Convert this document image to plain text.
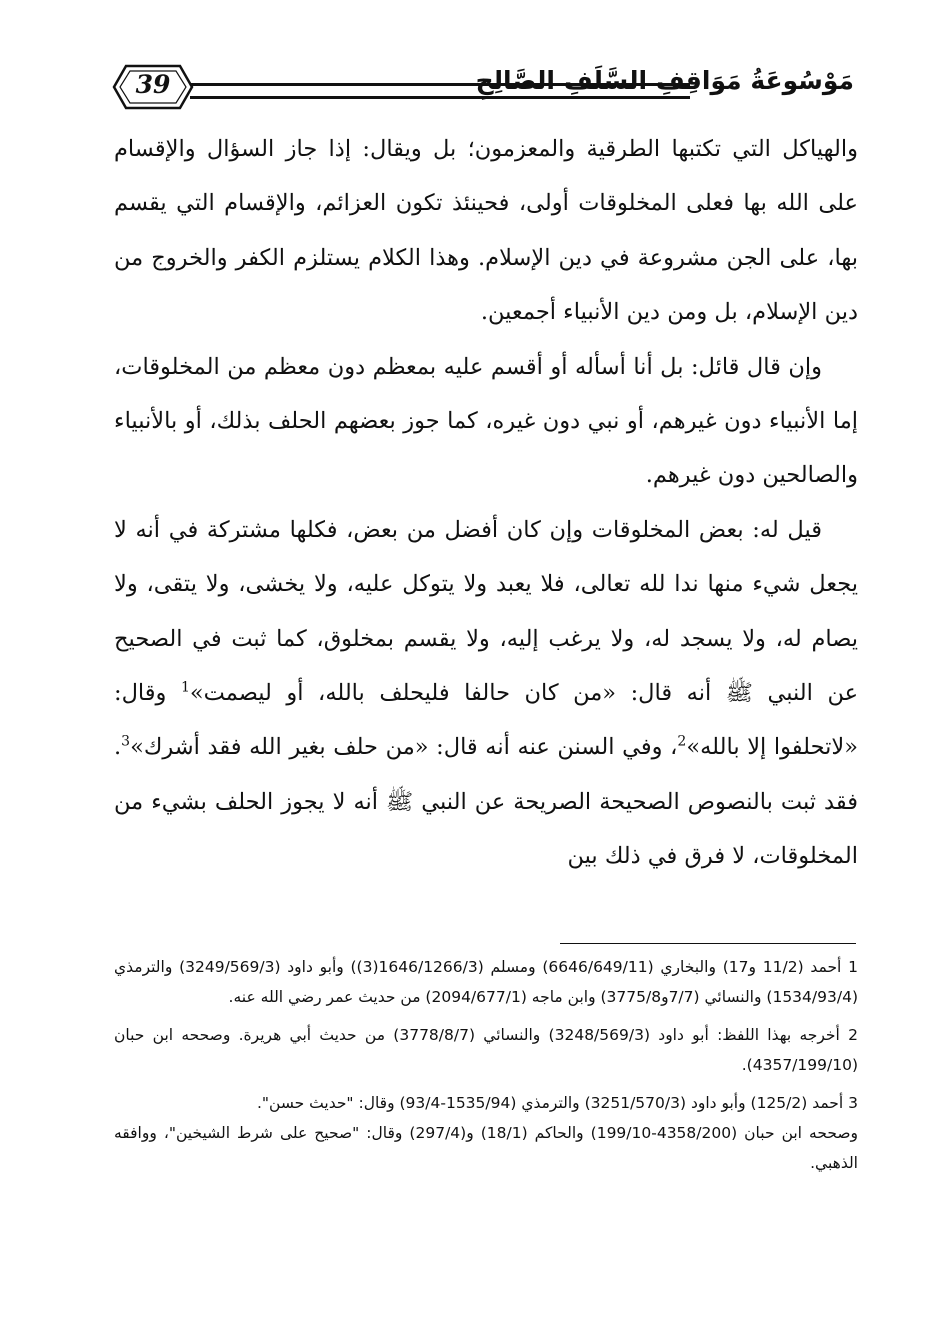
39	مَوْسُوعَةُ مَوَاقِفِ السَّلَفِ الصَّالِحِ

والهياكل التي تكتبها الطرقية والمعزمون؛ بل ويقال: إذا جاز السؤال والإقسام على الله بها فعلى المخلوقات أولى، فحينئذ تكون العزائم، والإقسام التي يقسم بها، على الجن مشروعة في دين الإسلام. وهذا الكلام يستلزم الكفر والخروج من دين الإسلام، بل ومن دين الأنبياء أجمعين.

وإن قال قائل: بل أنا أسأله أو أقسم عليه بمعظم دون معظم من المخلوقات، إما الأنبياء دون غيرهم، أو نبي دون غيره، كما جوز بعضهم الحلف بذلك، أو بالأنبياء والصالحين دون غيرهم.

قيل له: بعض المخلوقات وإن كان أفضل من بعض، فكلها مشتركة في أنه لا يجعل شيء منها ندا لله تعالى، فلا يعبد ولا يتوكل عليه، ولا يخشى، ولا يتقى، ولا يصام له، ولا يسجد له، ولا يرغب إليه، ولا يقسم بمخلوق، كما ثبت في الصحيح عن النبي ﷺ أنه قال: «من كان حالفا فليحلف بالله، أو ليصمت»$^1$ وقال: «لاتحلفوا إلا بالله»$^2$، وفي السنن عنه أنه قال: «من حلف بغير الله فقد أشرك»$^3$. فقد ثبت بالنصوص الصحيحة الصريحة عن النبي ﷺ أنه لا يجوز الحلف بشيء من المخلوقات، لا فرق في ذلك بين

1 أحمد (11/2 و17) والبخاري (6646/649/11) ومسلم (1646/1266/3(3)) وأبو داود (3249/569/3) والترمذي (1534/93/4) والنسائي (7/7و3775/8) وابن ماجه (2094/677/1) من حديث عمر رضي الله عنه.

2 أخرجه بهذا اللفظ: أبو داود (3248/569/3) والنسائي (3778/8/7) من حديث أبي هريرة. وصححه ابن حبان (4357/199/10).

3 أحمد (125/2) وأبو داود (3251/570/3) والترمذي (1535/94-93/4) وقال: "حديث حسن".

وصححه ابن حبان (4358/200-199/10) والحاكم (18/1) و(297/4) وقال: "صحيح على شرط الشيخين"، ووافقه الذهبي.
